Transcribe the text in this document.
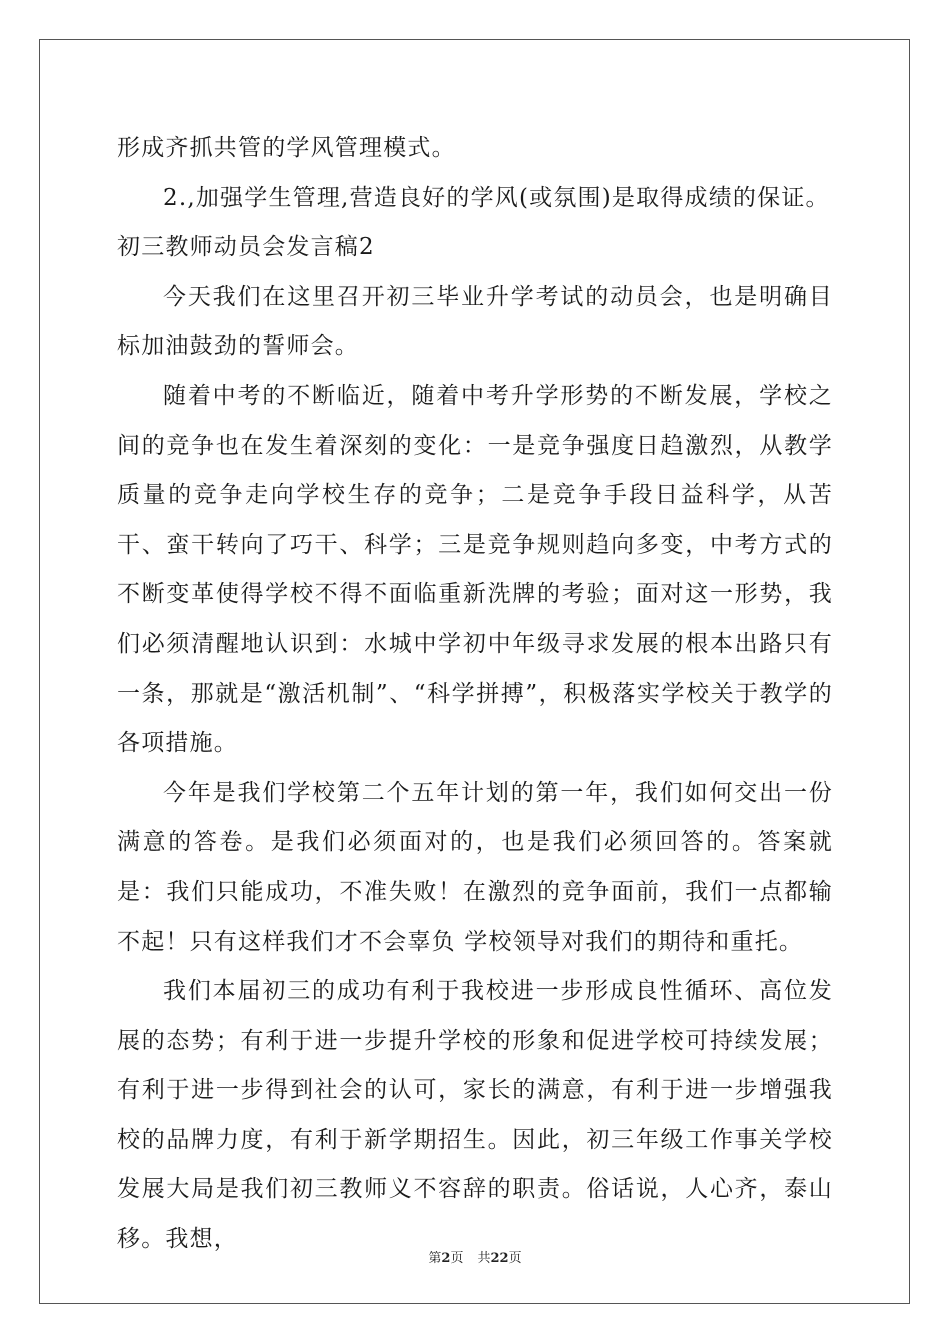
形成齐抓共管的学风管理模式。

2.,加强学生管理,营造良好的学风(或氛围)是取得成绩的保证。

初三教师动员会发言稿2

今天我们在这里召开初三毕业升学考试的动员会，也是明确目标加油鼓劲的誓师会。

随着中考的不断临近，随着中考升学形势的不断发展，学校之间的竞争也在发生着深刻的变化：一是竞争强度日趋激烈，从教学质量的竞争走向学校生存的竞争；二是竞争手段日益科学，从苦干、蛮干转向了巧干、科学；三是竞争规则趋向多变，中考方式的不断变革使得学校不得不面临重新洗牌的考验；面对这一形势，我们必须清醒地认识到：水城中学初中年级寻求发展的根本出路只有一条，那就是“激活机制”、“科学拼搏”，积极落实学校关于教学的各项措施。

今年是我们学校第二个五年计划的第一年，我们如何交出一份满意的答卷。是我们必须面对的，也是我们必须回答的。答案就是：我们只能成功，不准失败！在激烈的竞争面前，我们一点都输不起！只有这样我们才不会辜负 学校领导对我们的期待和重托。

我们本届初三的成功有利于我校进一步形成良性循环、高位发展的态势；有利于进一步提升学校的形象和促进学校可持续发展；有利于进一步得到社会的认可，家长的满意，有利于进一步增强我校的品牌力度，有利于新学期招生。因此，初三年级工作事关学校发展大局是我们初三教师义不容辞的职责。俗话说，人心齐，泰山移。我想，

第2页 共22页
